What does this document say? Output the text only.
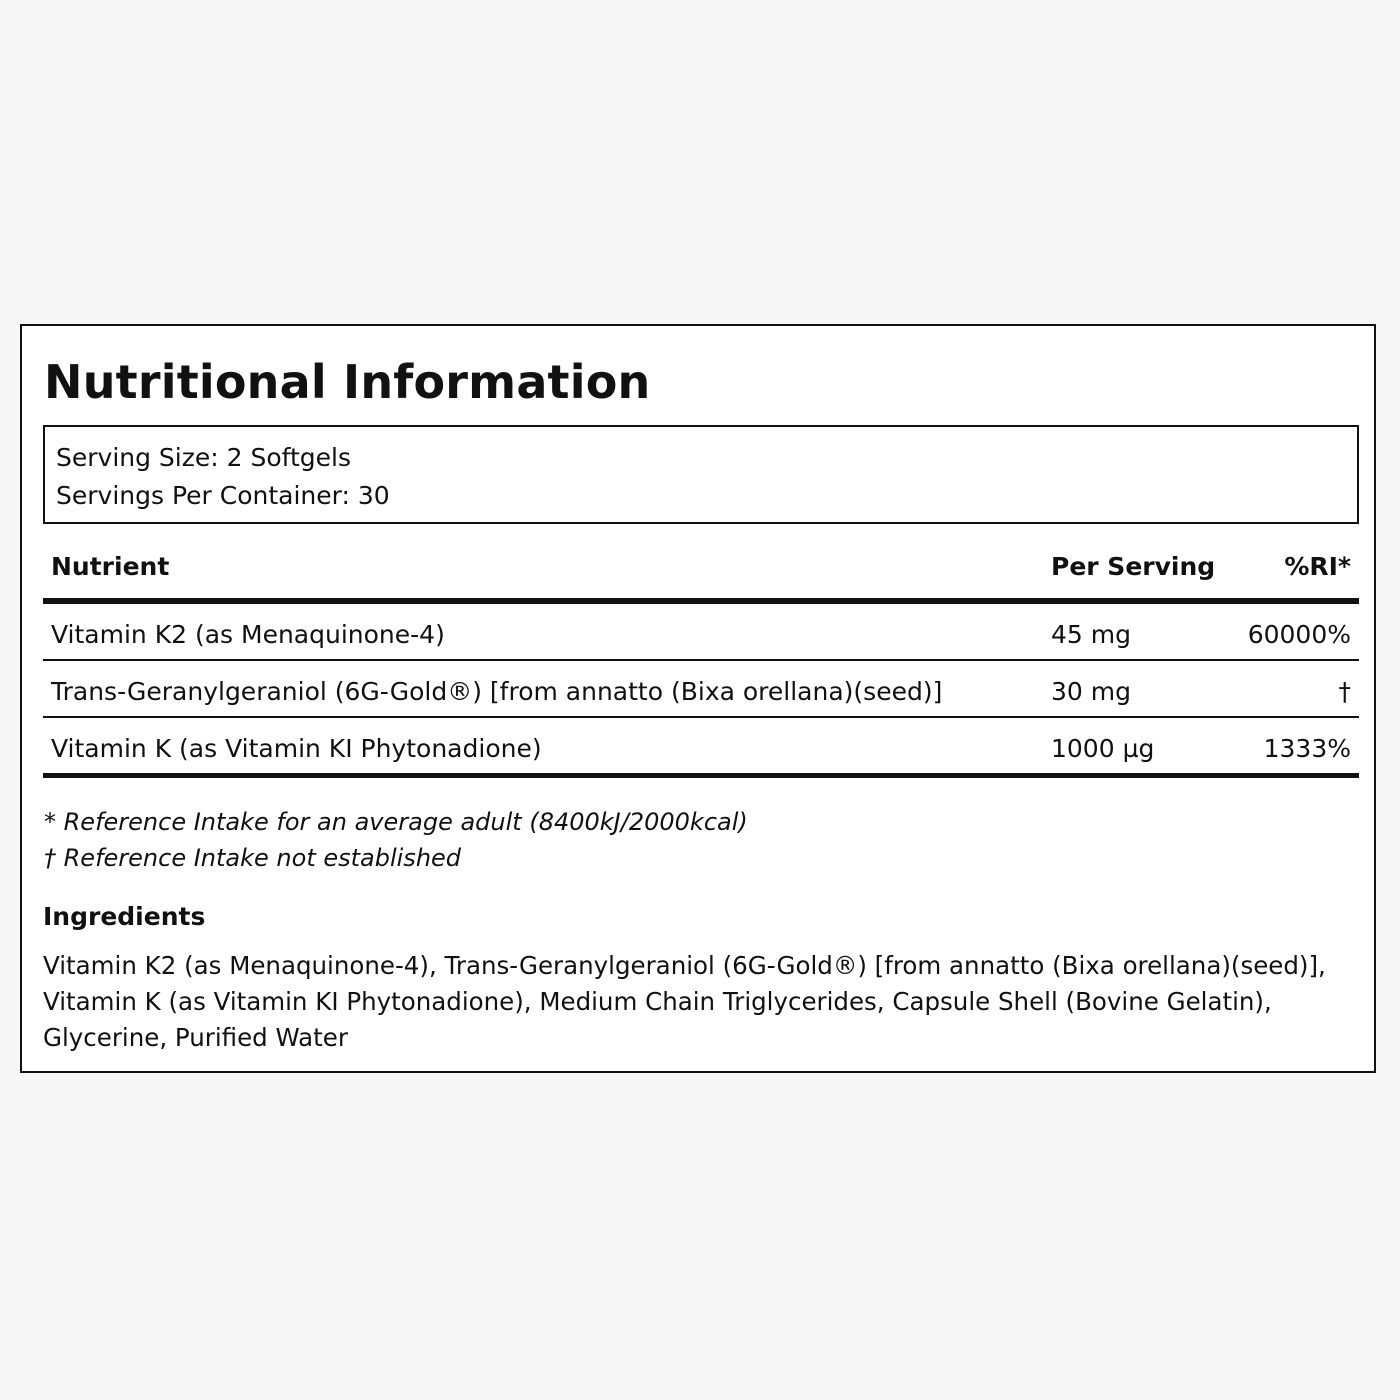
Nutritional Information
Serving Size: 2 Softgels
Servings Per Container: 30
Nutrient	Per Serving	%RI*
Vitamin K2 (as Menaquinone-4)	45 mg	60000%
Trans-Geranylgeraniol (6G-Gold®) [from annatto (Bixa orellana)(seed)]	30 mg	†
Vitamin K (as Vitamin KI Phytonadione)	1000 µg	1333%
* Reference Intake for an average adult (8400kJ/2000kcal)
† Reference Intake not established
Ingredients
Vitamin K2 (as Menaquinone-4), Trans-Geranylgeraniol (6G-Gold®) [from annatto (Bixa orellana)(seed)], Vitamin K (as Vitamin KI Phytonadione), Medium Chain Triglycerides, Capsule Shell (Bovine Gelatin), Glycerine, Purified Water
